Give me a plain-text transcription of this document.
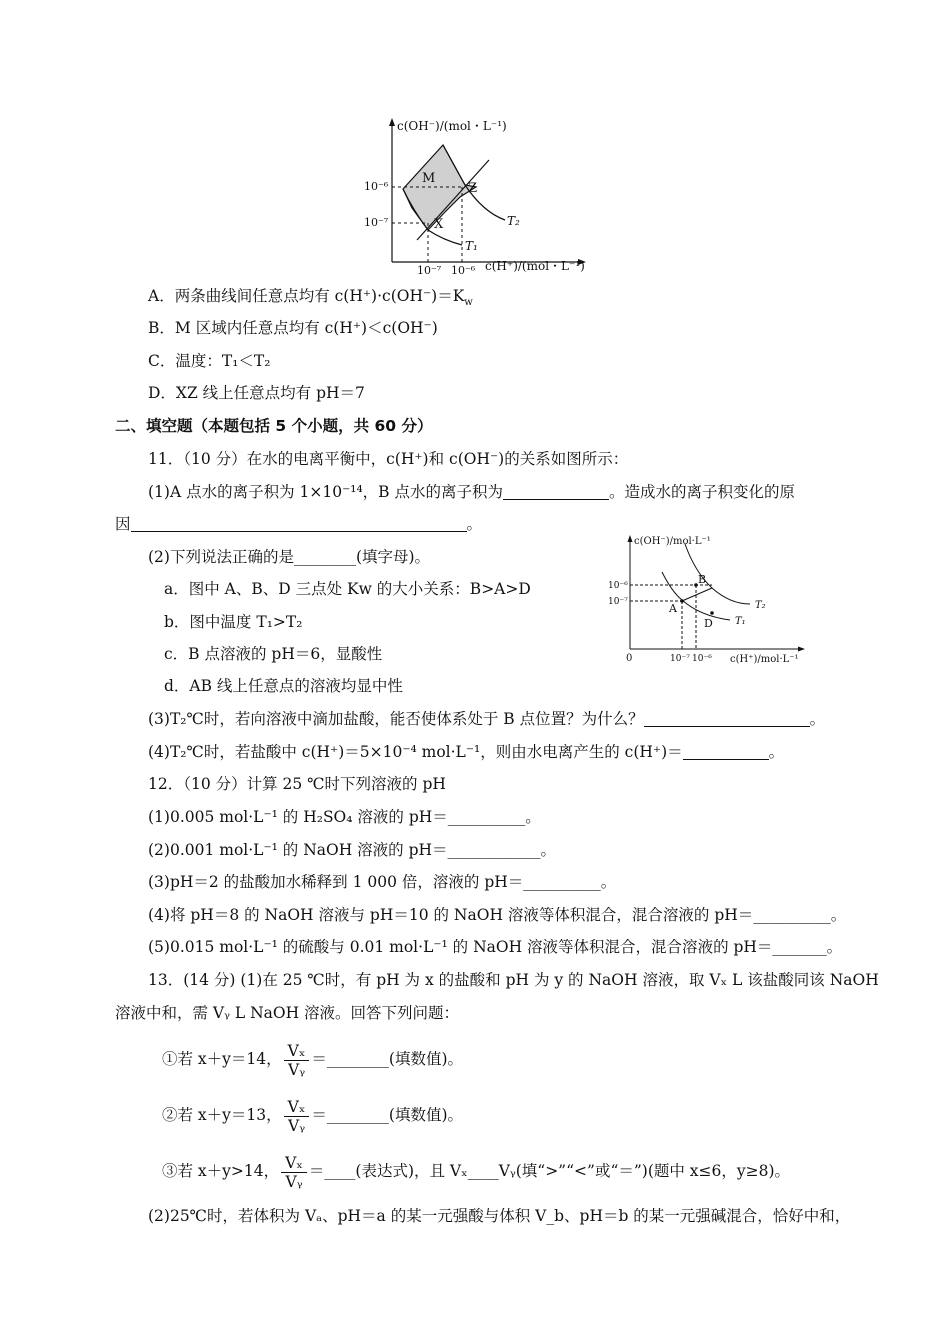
c(OH⁻)/(mol・L⁻¹)
c(H⁺)/(mol・L⁻¹)
10⁻⁶
10⁻⁷
10⁻⁷ 10⁻⁶
M
Z
X	T₂
T₁
A．两条曲线间任意点均有 $c(H^+)\cdot c(OH^-)=K_w$
B．M 区域内任意点均有 c(H⁺)＜c(OH⁻)
C．温度：T₁＜T₂
D．XZ 线上任意点均有 pH＝7
二、填空题（本题包括 5 个小题，共 60 分）
11．（10 分）在水的电离平衡中，c(H⁺)和 c(OH⁻)的关系如图所示：
(1)A 点水的离子积为 1×10⁻¹⁴，B 点水的离子积为	。造成水的离子积变化的原
因	。
(2)下列说法正确的是________(填字母)。
a．图中 A、B、D 三点处 Kw 的大小关系：B>A>D
b．图中温度 T₁>T₂
c．B 点溶液的 pH＝6，显酸性
d．AB 线上任意点的溶液均显中性
c(OH⁻)/mol·L⁻¹
c(H⁺)/mol·L⁻¹
10⁻⁶
10⁻⁷
10⁻⁷ 10⁻⁶
0
A
B
D
T₂
T₁
(3)T₂℃时，若向溶液中滴加盐酸，能否使体系处于 B 点位置？为什么？	。
(4)T₂℃时，若盐酸中 c(H⁺)＝5×10⁻⁴ mol·L⁻¹，则由水电离产生的 c(H⁺)＝	。
12．（10 分）计算 25 ℃时下列溶液的 pH
(1)0.005 mol·L⁻¹ 的 H₂SO₄ 溶液的 pH＝__________。
(2)0.001 mol·L⁻¹ 的 NaOH 溶液的 pH＝____________。
(3)pH＝2 的盐酸加水稀释到 1 000 倍，溶液的 pH＝__________。
(4)将 pH＝8 的 NaOH 溶液与 pH＝10 的 NaOH 溶液等体积混合，混合溶液的 pH＝__________。
(5)0.015 mol·L⁻¹ 的硫酸与 0.01 mol·L⁻¹ 的 NaOH 溶液等体积混合，混合溶液的 pH＝_______。
13．(14 分) (1)在 25 ℃时，有 pH 为 x 的盐酸和 pH 为 y 的 NaOH 溶液，取 Vₓ L 该盐酸同该 NaOH
溶液中和，需 Vᵧ L NaOH 溶液。回答下列问题：
①若 x＋y＝14， $\frac{\text{Vₓ}}{\text{Vᵧ}}$ ＝________(填数值)。
②若 x＋y＝13， $\frac{\text{Vₓ}}{\text{Vᵧ}}$ ＝________(填数值)。
③若 x＋y>14， $\frac{\text{Vₓ}}{\text{Vᵧ}}$ ＝____(表达式)，且 Vₓ____Vᵧ(填“>”“<”或“＝”)(题中 x≤6，y≥8)。
(2)25℃时，若体积为 Vₐ、pH＝a 的某一元强酸与体积 V_b、pH＝b 的某一元强碱混合，恰好中和，
